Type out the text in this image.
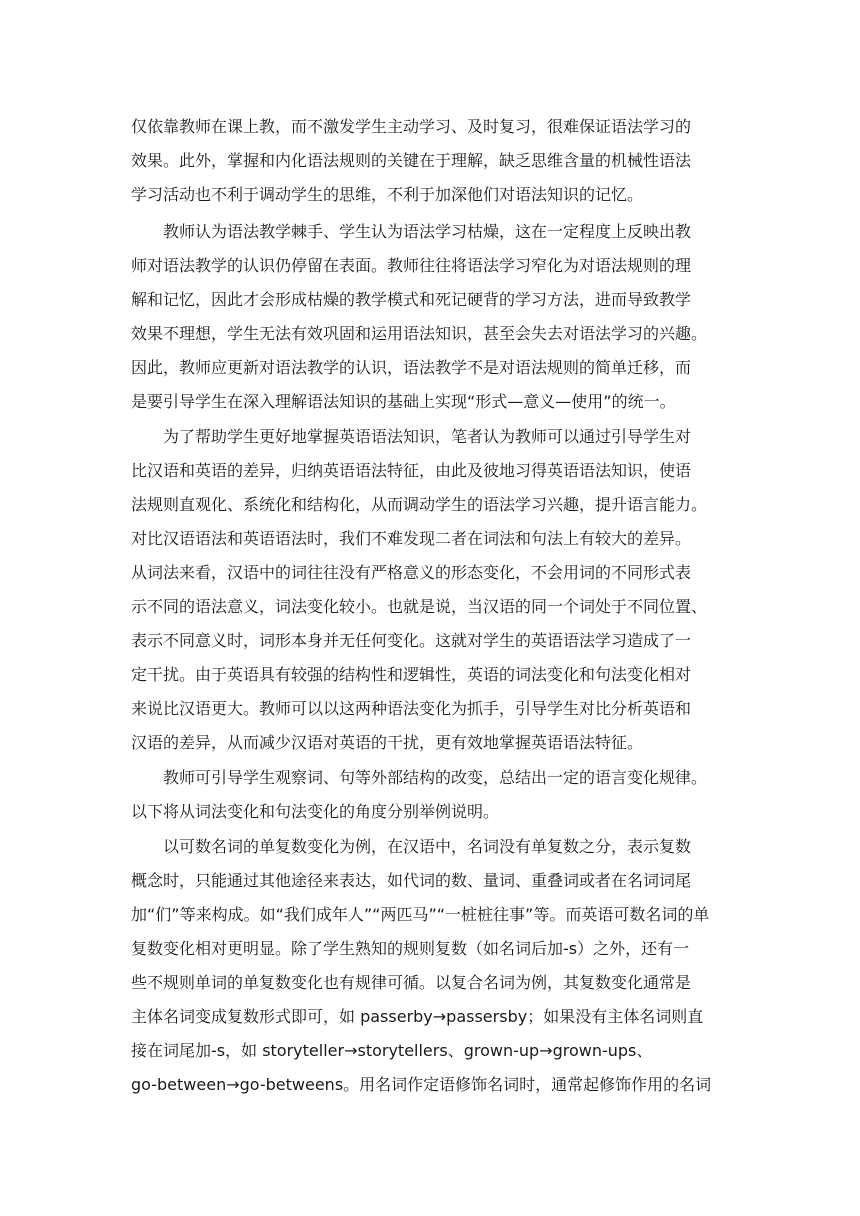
仅依靠教师在课上教，而不激发学生主动学习、及时复习，很难保证语法学习的
效果。此外，掌握和内化语法规则的关键在于理解，缺乏思维含量的机械性语法
学习活动也不利于调动学生的思维，不利于加深他们对语法知识的记忆。
教师认为语法教学棘手、学生认为语法学习枯燥，这在一定程度上反映出教
师对语法教学的认识仍停留在表面。教师往往将语法学习窄化为对语法规则的理
解和记忆，因此才会形成枯燥的教学模式和死记硬背的学习方法，进而导致教学
效果不理想，学生无法有效巩固和运用语法知识，甚至会失去对语法学习的兴趣。
因此，教师应更新对语法教学的认识，语法教学不是对语法规则的简单迁移，而
是要引导学生在深入理解语法知识的基础上实现“形式—意义—使用”的统一。
为了帮助学生更好地掌握英语语法知识，笔者认为教师可以通过引导学生对
比汉语和英语的差异，归纳英语语法特征，由此及彼地习得英语语法知识，使语
法规则直观化、系统化和结构化，从而调动学生的语法学习兴趣，提升语言能力。
对比汉语语法和英语语法时，我们不难发现二者在词法和句法上有较大的差异。
从词法来看，汉语中的词往往没有严格意义的形态变化，不会用词的不同形式表
示不同的语法意义，词法变化较小。也就是说，当汉语的同一个词处于不同位置、
表示不同意义时，词形本身并无任何变化。这就对学生的英语语法学习造成了一
定干扰。由于英语具有较强的结构性和逻辑性，英语的词法变化和句法变化相对
来说比汉语更大。教师可以以这两种语法变化为抓手，引导学生对比分析英语和
汉语的差异，从而减少汉语对英语的干扰，更有效地掌握英语语法特征。
教师可引导学生观察词、句等外部结构的改变，总结出一定的语言变化规律。
以下将从词法变化和句法变化的角度分别举例说明。
以可数名词的单复数变化为例，在汉语中，名词没有单复数之分，表示复数
概念时，只能通过其他途径来表达，如代词的数、量词、重叠词或者在名词词尾
加“们”等来构成。如“我们成年人”“两匹马”“一桩桩往事”等。而英语可数名词的单
复数变化相对更明显。除了学生熟知的规则复数（如名词后加-s）之外，还有一
些不规则单词的单复数变化也有规律可循。以复合名词为例，其复数变化通常是
主体名词变成复数形式即可，如 passerby→passersby；如果没有主体名词则直
接在词尾加-s，如 storyteller→storytellers、grown-up→grown-ups、
go-between→go-betweens。用名词作定语修饰名词时，通常起修饰作用的名词
